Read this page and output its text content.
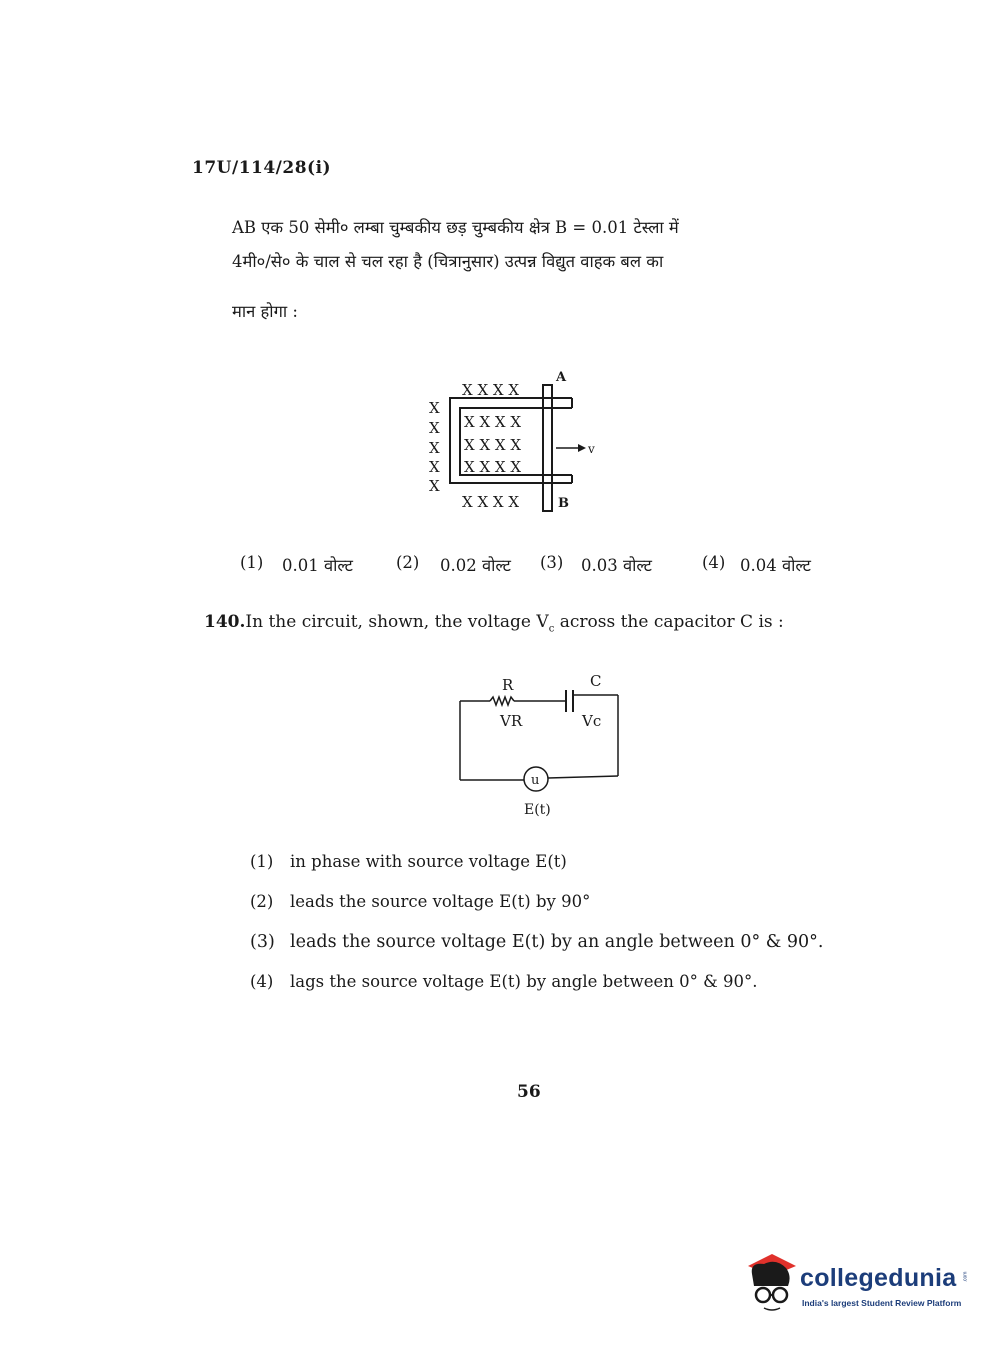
17U/114/28(i)
AB एक 50 सेमी० लम्बा चुम्बकीय छड़ चुम्बकीय क्षेत्र B = 0.01 टेस्ला में
4मी०/से० के चाल से चल रहा है (चित्रानुसार) उत्पन्न विद्युत वाहक बल का
मान होगा :
v
A
B
X X X X
X X X X
X X X X
X X X X
X X X X
X
X
X
X
X
(1) 0.01 वोल्ट	(2) 0.02 वोल्ट (3) 0.03 वोल्ट	(4) 0.04 वोल्ट
140.In the circuit, shown, the voltage $V_c$ across the capacitor C is :
u
R
VR
C
Vc
E(t)
(1) in phase with source voltage E(t)
(2) leads the source voltage E(t) by 90°
(3) leads the source voltage E(t) by an angle between 0° & 90°.
(4) lags the source voltage E(t) by angle between 0° & 90°.
56
collegedunia .com
India's largest Student Review Platform
